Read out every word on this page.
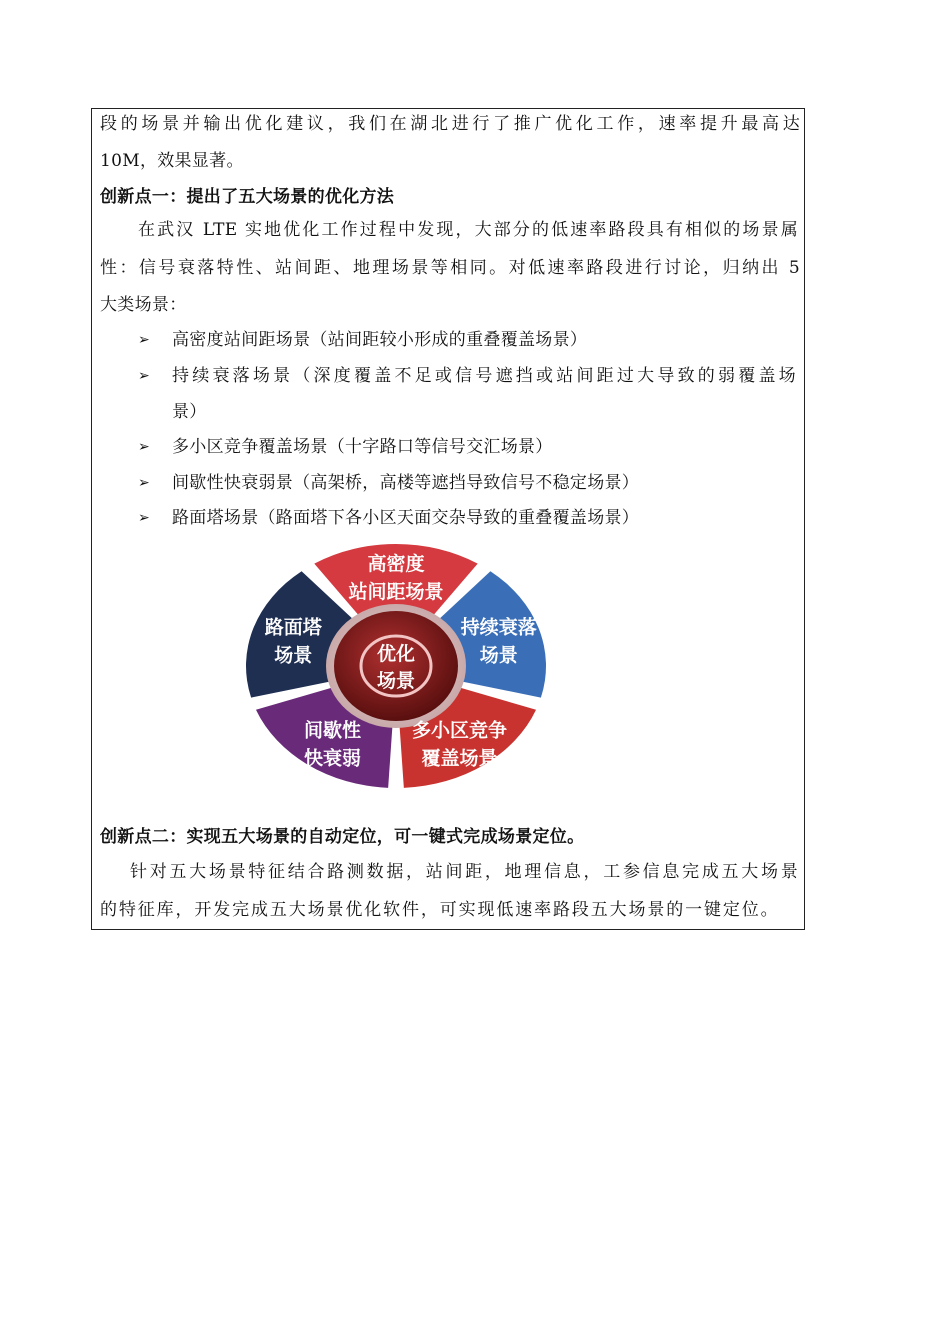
段的场景并输出优化建议，我们在湖北进行了推广优化工作，速率提升最高达
10M，效果显著。
创新点一：提出了五大场景的优化方法
在武汉 LTE 实地优化工作过程中发现，大部分的低速率路段具有相似的场景属
性：信号衰落特性、站间距、地理场景等相同。对低速率路段进行讨论，归纳出 5
大类场景：
➢ 高密度站间距场景（站间距较小形成的重叠覆盖场景）
➢ 持续衰落场景（深度覆盖不足或信号遮挡或站间距过大导致的弱覆盖场
景）
➢ 多小区竞争覆盖场景（十字路口等信号交汇场景）
➢ 间歇性快衰弱景（高架桥，高楼等遮挡导致信号不稳定场景）
➢ 路面塔场景（路面塔下各小区天面交杂导致的重叠覆盖场景）
优化
场景
高密度
站间距场景
持续衰落
场景
多小区竞争
覆盖场景
间歇性
快衰弱
路面塔
场景
创新点二：实现五大场景的自动定位，可一键式完成场景定位。
针对五大场景特征结合路测数据，站间距，地理信息，工参信息完成五大场景
的特征库，开发完成五大场景优化软件，可实现低速率路段五大场景的一键定位。
